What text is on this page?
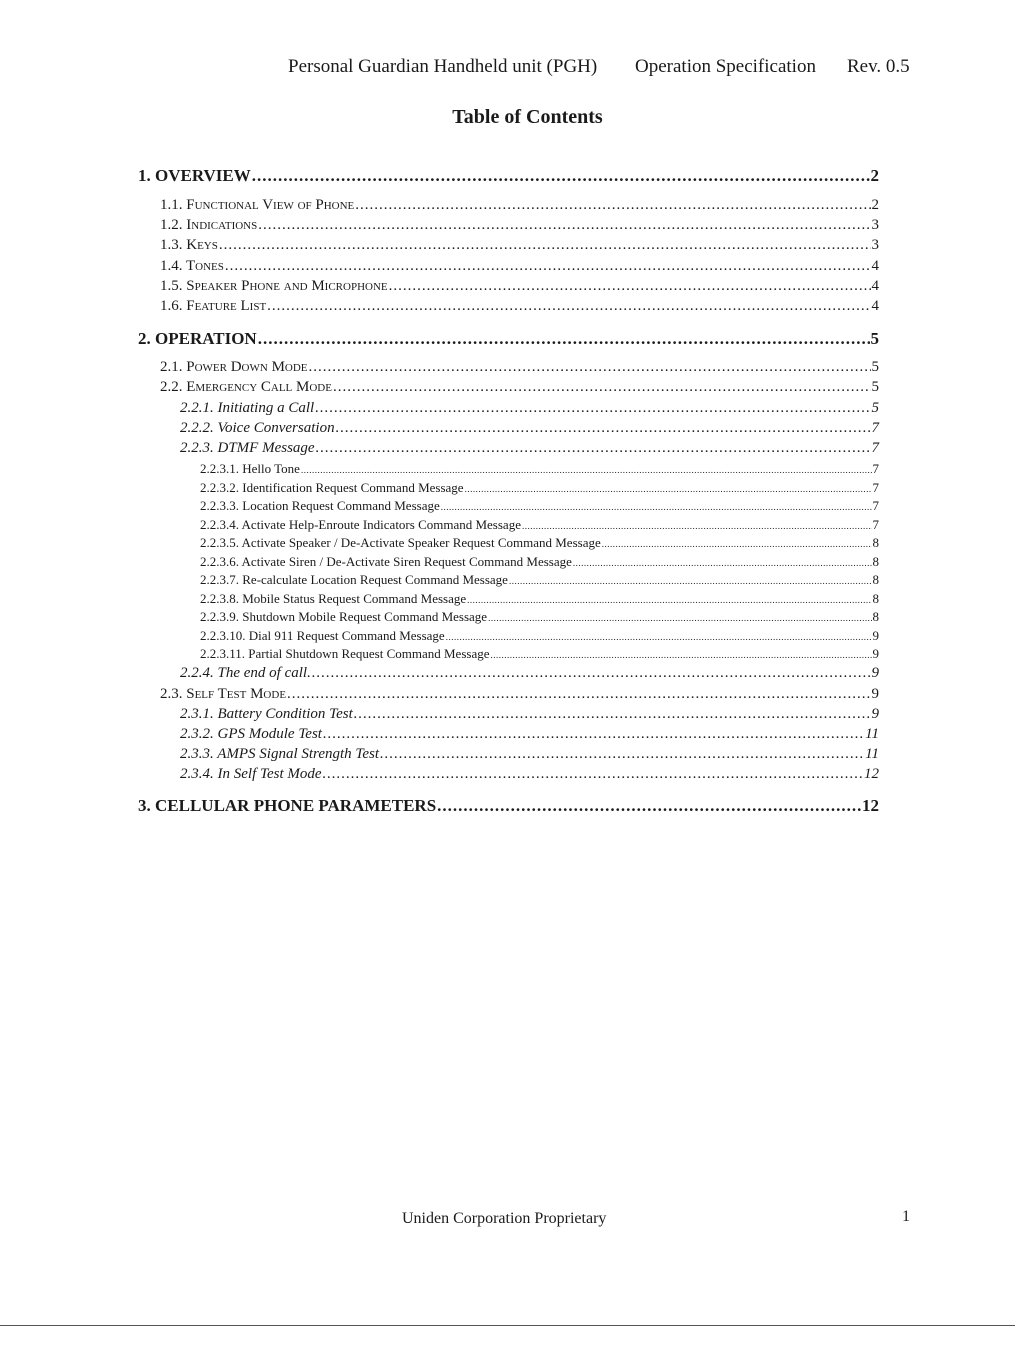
Personal Guardian Handheld unit (PGH) Operation Specification Rev. 0.5
Table of Contents
1. OVERVIEW .....	2
1.1. Functional View of Phone .....	2
1.2. Indications .....	3
1.3. Keys .....	3
1.4. Tones .....	4
1.5. Speaker Phone and Microphone .....	4
1.6. Feature List .....	4
2. OPERATION .....	5
2.1. Power Down Mode .....	5
2.2. Emergency Call Mode .....	5
2.2.1. Initiating a Call .....	5
2.2.2. Voice Conversation .....	7
2.2.3. DTMF Message .....	7
2.2.3.1. Hello Tone .....	7
2.2.3.2. Identification Request Command Message .....	7
2.2.3.3. Location Request Command Message .....	7
2.2.3.4. Activate Help-Enroute Indicators Command Message .....	7
2.2.3.5. Activate Speaker / De-Activate Speaker Request Command Message .....	8
2.2.3.6. Activate Siren / De-Activate Siren Request Command Message .....	8
2.2.3.7. Re-calculate Location Request Command Message .....	8
2.2.3.8. Mobile Status Request Command Message .....	8
2.2.3.9. Shutdown Mobile Request Command Message .....	8
2.2.3.10. Dial 911 Request Command Message .....	9
2.2.3.11. Partial Shutdown Request Command Message .....	9
2.2.4. The end of call. .....	9
2.3. Self Test Mode .....	9
2.3.1. Battery Condition Test .....	9
2.3.2. GPS Module Test .....	11
2.3.3. AMPS Signal Strength Test .....	11
2.3.4. In Self Test Mode .....	12
3. CELLULAR PHONE PARAMETERS .....	12
Uniden Corporation Proprietary	1
